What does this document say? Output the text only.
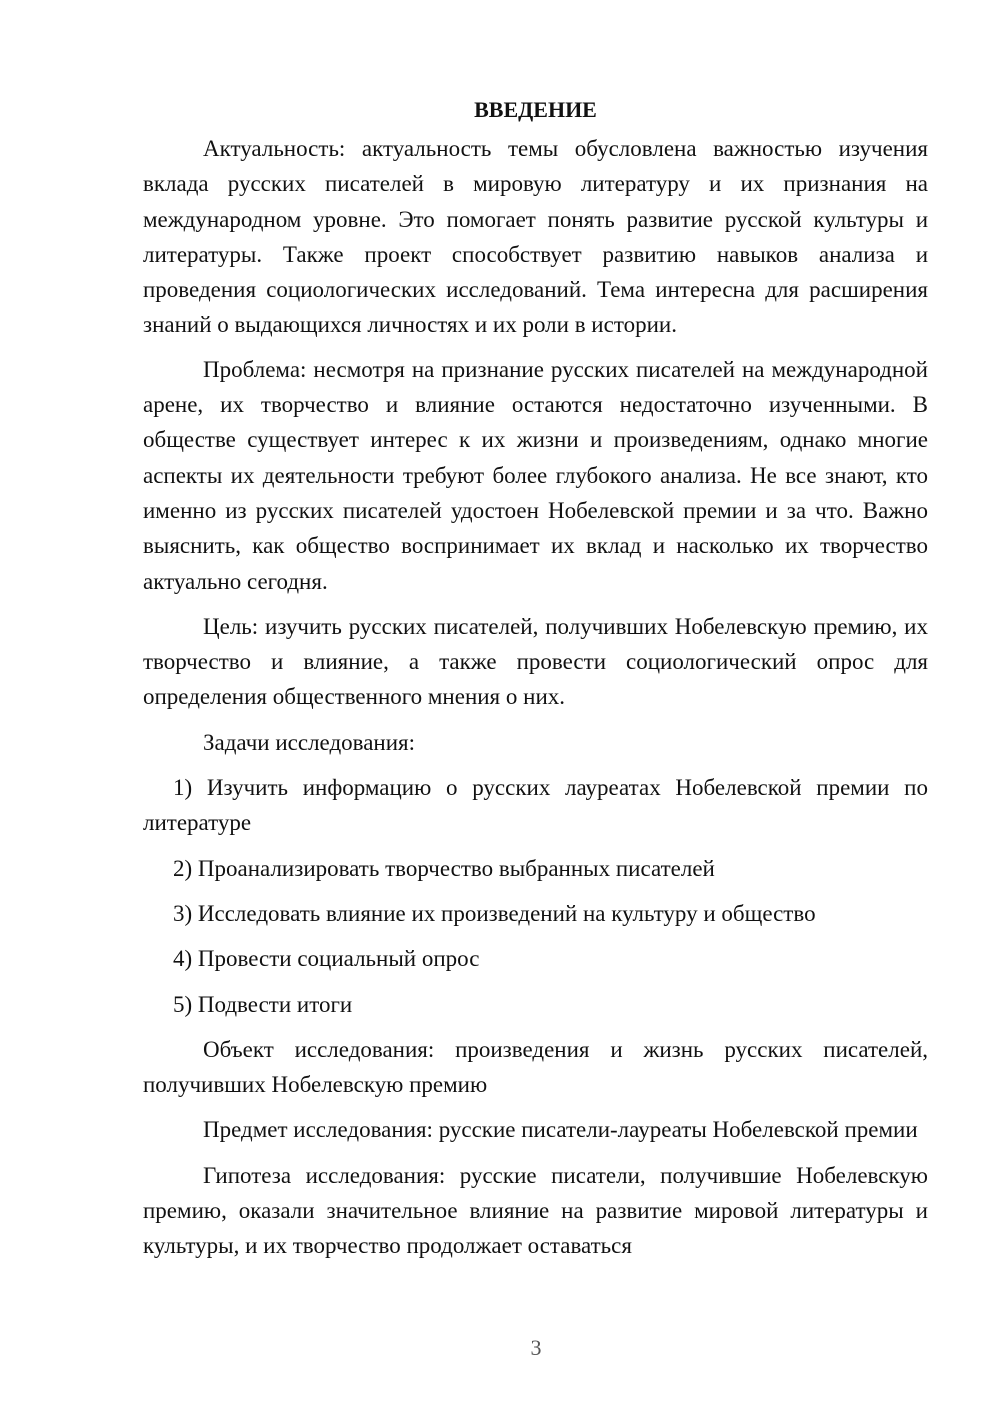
ВВЕДЕНИЕ

Актуальность: актуальность темы обусловлена важностью изучения вклада русских писателей в мировую литературу и их признания на международном уровне. Это помогает понять развитие русской культуры и литературы. Также проект способствует развитию навыков анализа и проведения социологических исследований. Тема интересна для расширения знаний о выдающихся личностях и их роли в истории.

Проблема: несмотря на признание русских писателей на международной арене, их творчество и влияние остаются недостаточно изученными. В обществе существует интерес к их жизни и произведениям, однако многие аспекты их деятельности требуют более глубокого анализа. Не все знают, кто именно из русских писателей удостоен Нобелевской премии и за что. Важно выяснить, как общество воспринимает их вклад и насколько их творчество актуально сегодня.

Цель: изучить русских писателей, получивших Нобелевскую премию, их творчество и влияние, а также провести социологический опрос для определения общественного мнения о них.

Задачи исследования:

1) Изучить информацию о русских лауреатах Нобелевской премии по литературе

2) Проанализировать творчество выбранных писателей

3) Исследовать влияние их произведений на культуру и общество

4) Провести социальный опрос

5) Подвести итоги

Объект исследования: произведения и жизнь русских писателей, получивших Нобелевскую премию

Предмет исследования: русские писатели-лауреаты Нобелевской премии

Гипотеза исследования: русские писатели, получившие Нобелевскую премию, оказали значительное влияние на развитие мировой литературы и культуры, и их творчество продолжает оставаться

3
